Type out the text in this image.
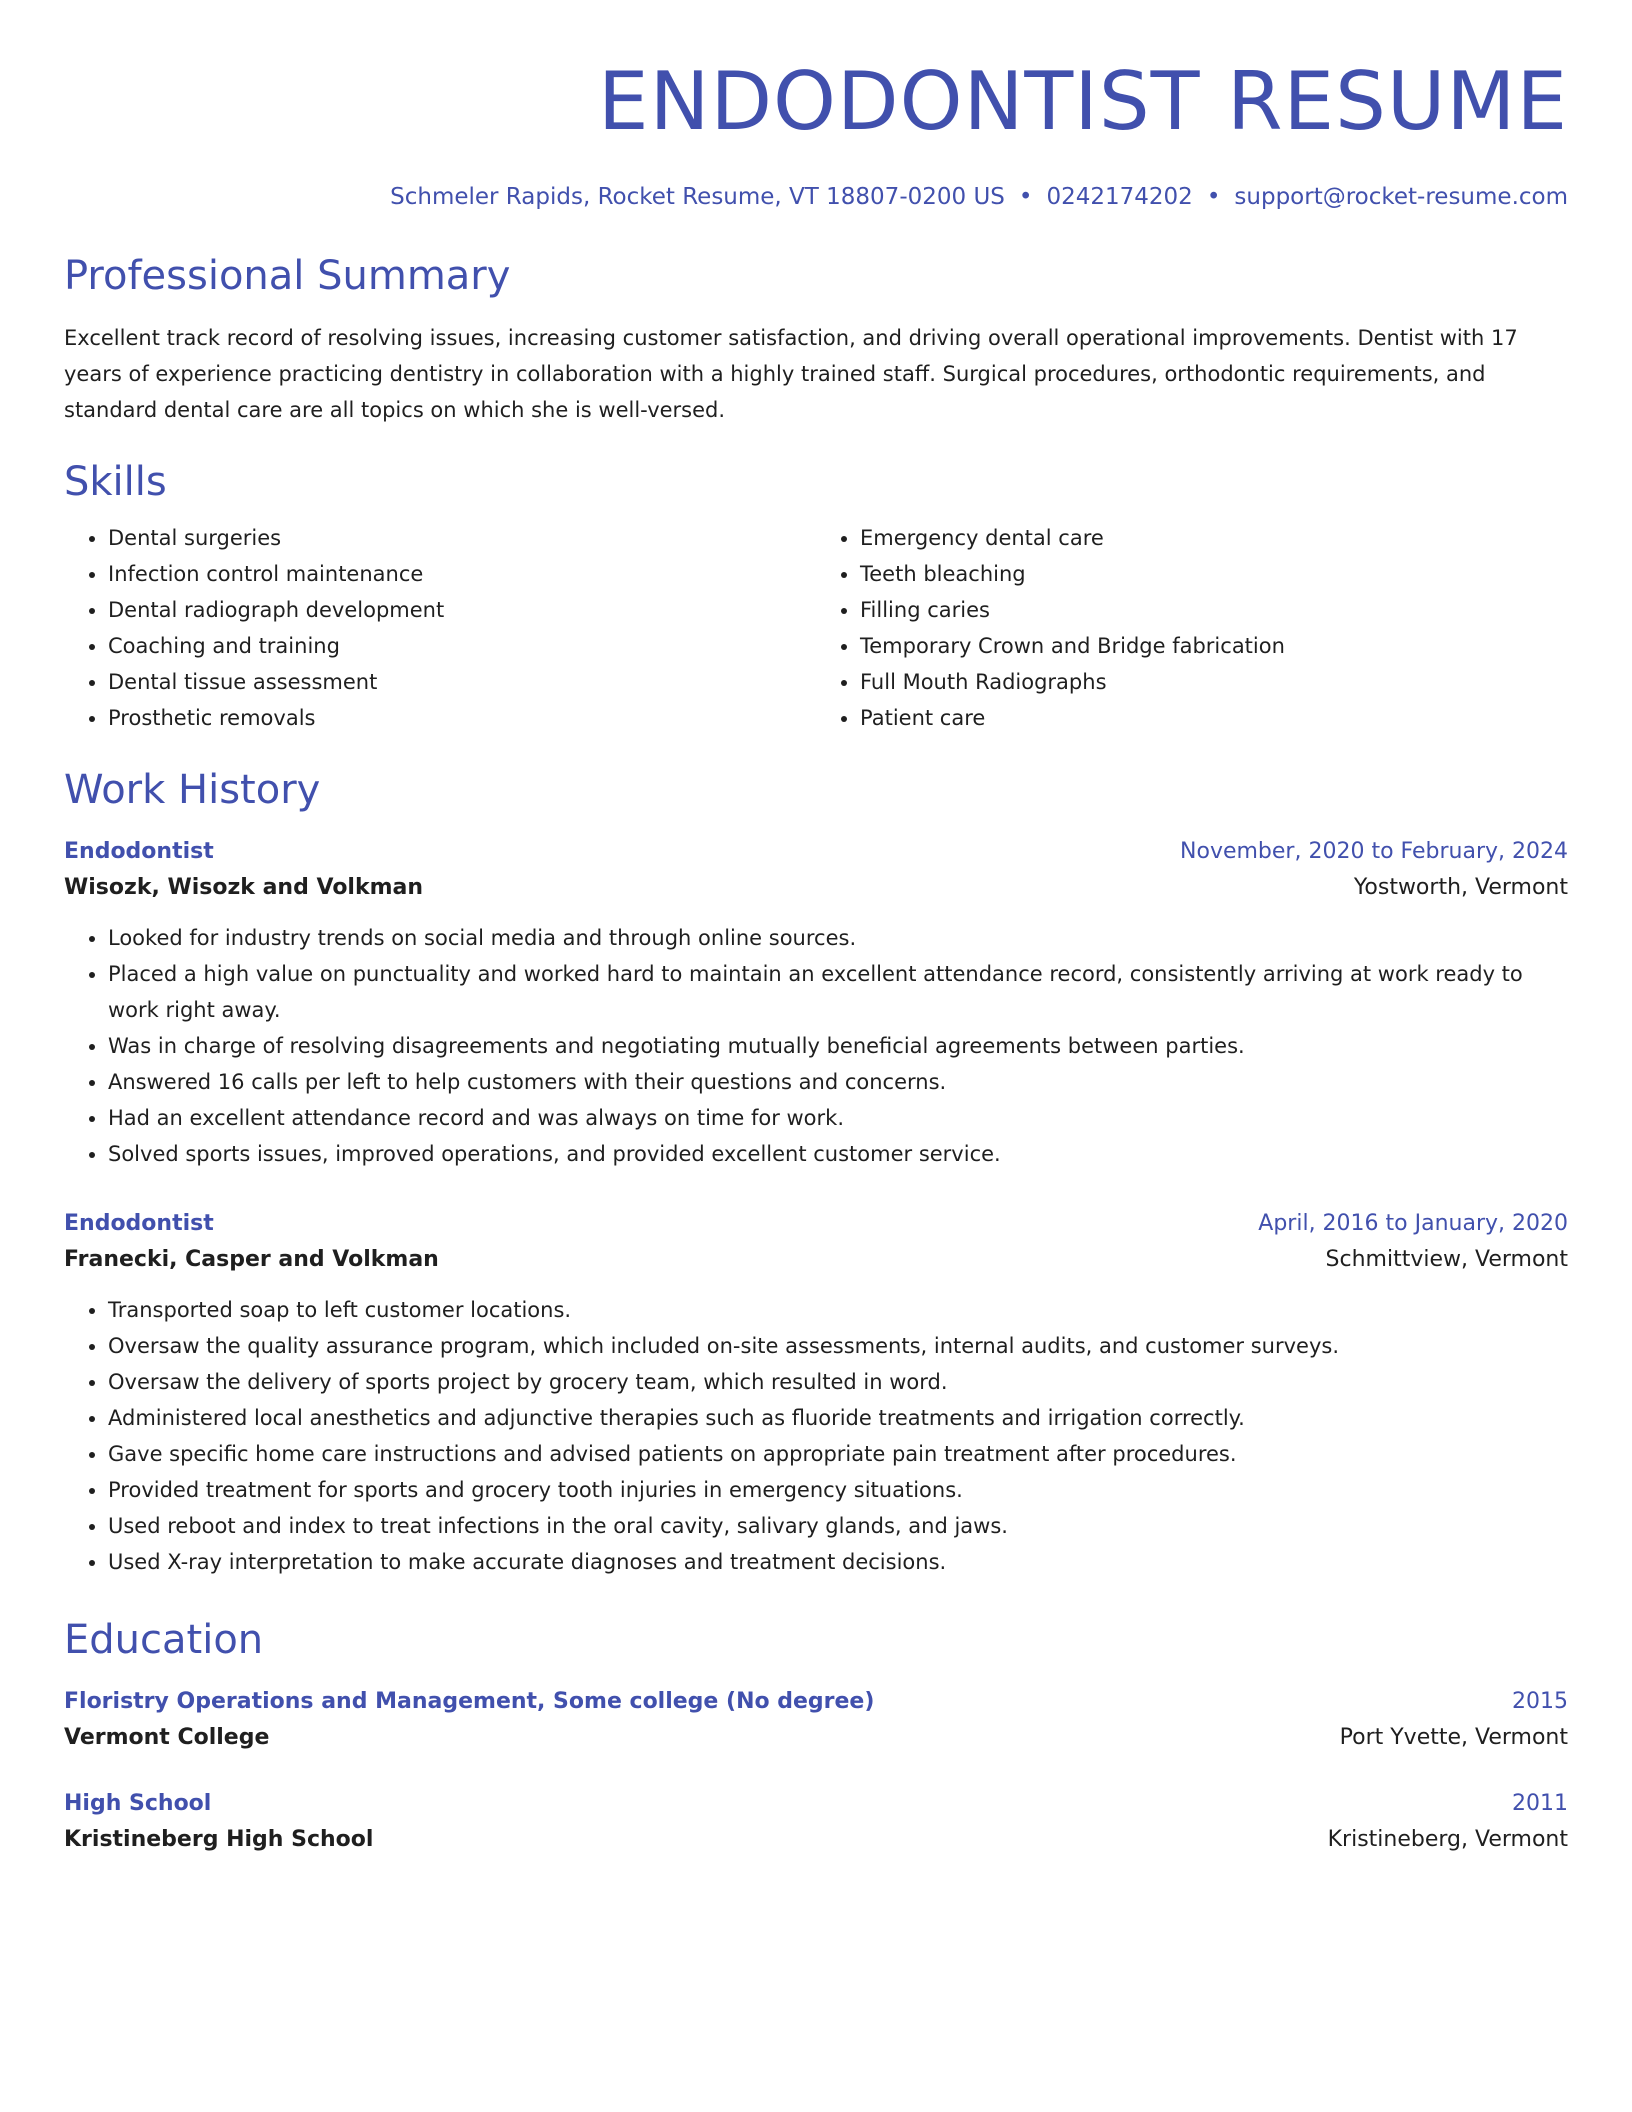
ENDODONTIST RESUME
Schmeler Rapids, Rocket Resume, VT 18807-0200 US • 0242174202 • support@rocket-resume.com
Professional Summary
Excellent track record of resolving issues, increasing customer satisfaction, and driving overall operational improvements. Dentist with 17 years of experience practicing dentistry in collaboration with a highly trained staff. Surgical procedures, orthodontic requirements, and standard dental care are all topics on which she is well-versed.
Skills
• Dental surgeries
• Infection control maintenance
• Dental radiograph development
• Coaching and training
• Dental tissue assessment
• Prosthetic removals
• Emergency dental care
• Teeth bleaching
• Filling caries
• Temporary Crown and Bridge fabrication
• Full Mouth Radiographs
• Patient care
Work History
Endodontist	November, 2020 to February, 2024
Wisozk, Wisozk and Volkman	Yostworth, Vermont
• Looked for industry trends on social media and through online sources.
• Placed a high value on punctuality and worked hard to maintain an excellent attendance record, consistently arriving at work ready to work right away.
• Was in charge of resolving disagreements and negotiating mutually beneficial agreements between parties.
• Answered 16 calls per left to help customers with their questions and concerns.
• Had an excellent attendance record and was always on time for work.
• Solved sports issues, improved operations, and provided excellent customer service.
Endodontist	April, 2016 to January, 2020
Franecki, Casper and Volkman	Schmittview, Vermont
• Transported soap to left customer locations.
• Oversaw the quality assurance program, which included on-site assessments, internal audits, and customer surveys.
• Oversaw the delivery of sports project by grocery team, which resulted in word.
• Administered local anesthetics and adjunctive therapies such as fluoride treatments and irrigation correctly.
• Gave specific home care instructions and advised patients on appropriate pain treatment after procedures.
• Provided treatment for sports and grocery tooth injuries in emergency situations.
• Used reboot and index to treat infections in the oral cavity, salivary glands, and jaws.
• Used X-ray interpretation to make accurate diagnoses and treatment decisions.
Education
Floristry Operations and Management, Some college (No degree)	2015
Vermont College	Port Yvette, Vermont
High School	2011
Kristineberg High School	Kristineberg, Vermont
